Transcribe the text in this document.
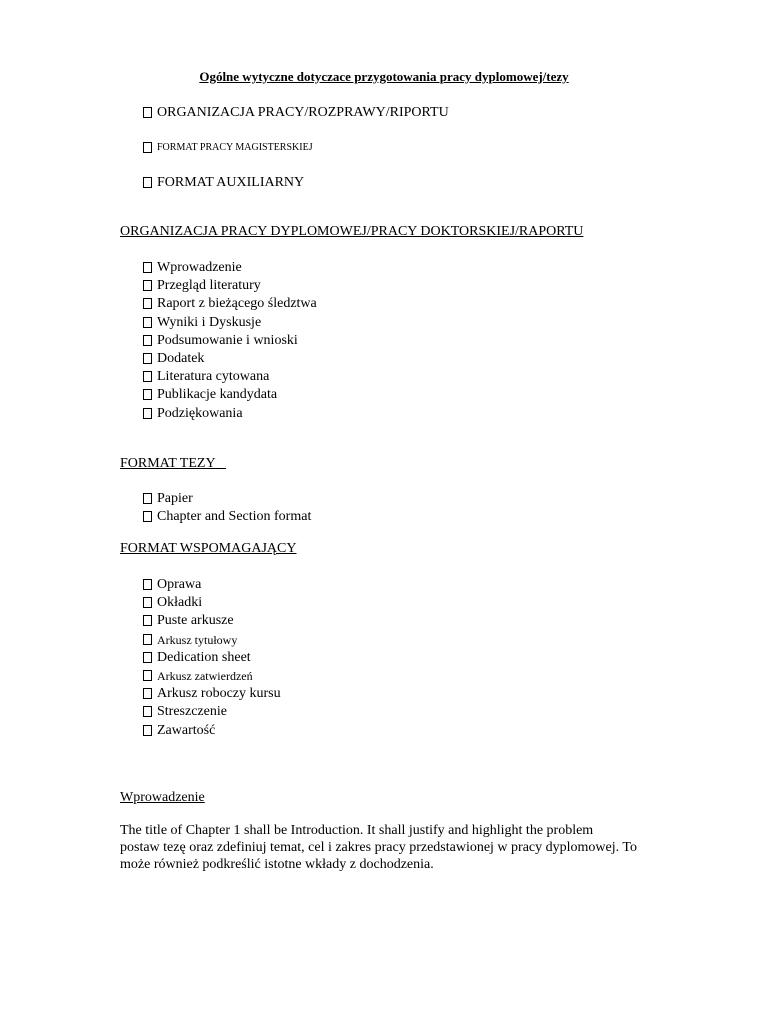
Ogólne wytyczne dotyczace przygotowania pracy dyplomowej/tezy
ORGANIZACJA PRACY/ROZPRAWY/RIPORTU
FORMAT PRACY MAGISTERSKIEJ
FORMAT AUXILIARNY
ORGANIZACJA PRACY DYPLOMOWEJ/PRACY DOKTORSKIEJ/RAPORTU
Wprowadzenie
Przegląd literatury
Raport z bieżącego śledztwa
Wyniki i Dyskusje
Podsumowanie i wnioski
Dodatek
Literatura cytowana
Publikacje kandydata
Podziękowania
FORMAT TEZY
Papier
Chapter and Section format
FORMAT WSPOMAGAJĄCY
Oprawa
Okładki
Puste arkusze
Arkusz tytułowy
Dedication sheet
Arkusz zatwierdzeń
Arkusz roboczy kursu
Streszczenie
Zawartość
Wprowadzenie
The title of Chapter 1 shall be Introduction. It shall justify and highlight the problem
postaw tezę oraz zdefiniuj temat, cel i zakres pracy przedstawionej w pracy dyplomowej. To
może również podkreślić istotne wkłady z dochodzenia.
